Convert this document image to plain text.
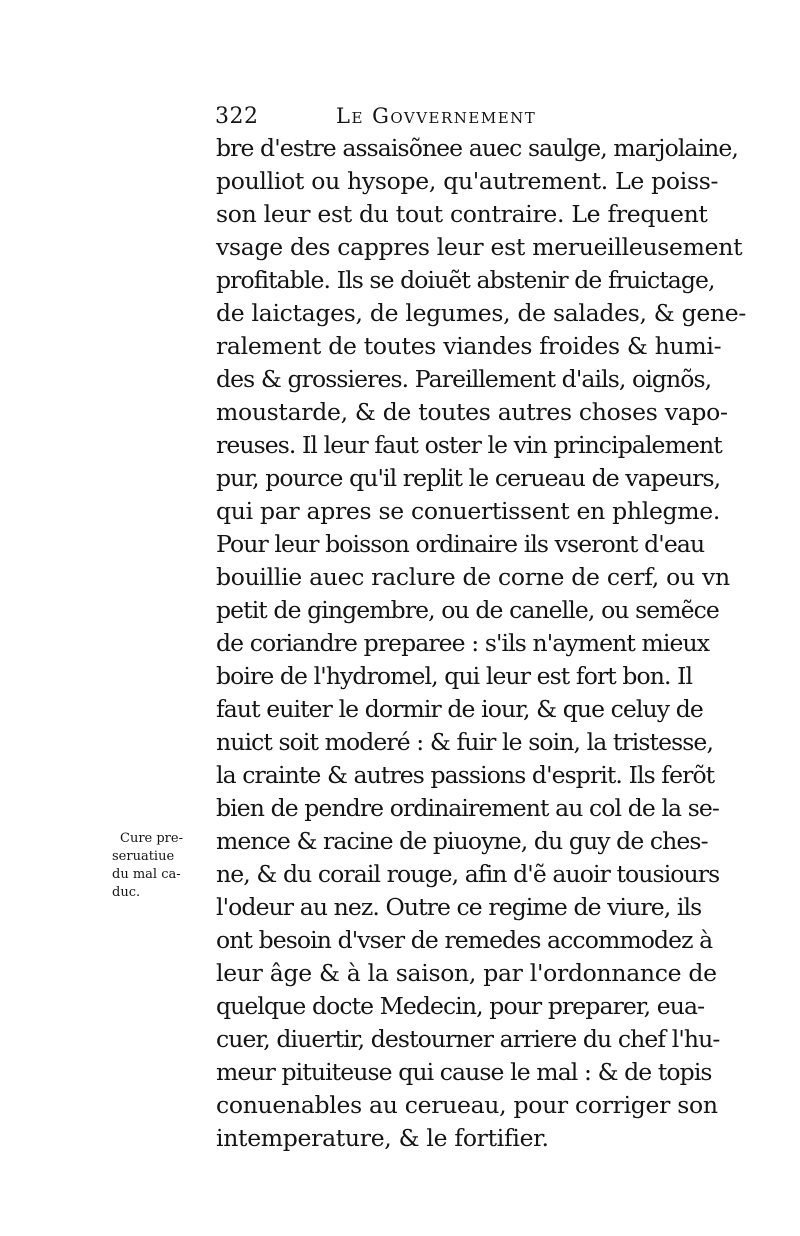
322	Le Govvernement
bre d'estre assaisõnee auec saulge, marjolaine,
poulliot ou hysope, qu'autrement. Le poiss-
son leur est du tout contraire. Le frequent
vsage des cappres leur est merueilleusement
profitable. Ils se doiuẽt abstenir de fruictage,
de laictages, de legumes, de salades, & gene-
ralement de toutes viandes froides & humi-
des & grossieres. Pareillement d'ails, oignõs,
moustarde, & de toutes autres choses vapo-
reuses. Il leur faut oster le vin principalement
pur, pource qu'il replit le cerueau de vapeurs,
qui par apres se conuertissent en phlegme.
Pour leur boisson ordinaire ils vseront d'eau
bouillie auec raclure de corne de cerf, ou vn
petit de gingembre, ou de canelle, ou semẽce
de coriandre preparee : s'ils n'ayment mieux
boire de l'hydromel, qui leur est fort bon. Il
faut euiter le dormir de iour, & que celuy de
nuict soit moderé : & fuir le soin, la tristesse,
la crainte & autres passions d'esprit. Ils ferõt
bien de pendre ordinairement au col de la se-
mence & racine de piuoyne, du guy de ches-
ne, & du corail rouge, afin d'ẽ auoir tousiours
l'odeur au nez. Outre ce regime de viure, ils
ont besoin d'vser de remedes accommodez à
leur âge & à la saison, par l'ordonnance de
quelque docte Medecin, pour preparer, eua-
cuer, diuertir, destourner arriere du chef l'hu-
meur pituiteuse qui cause le mal : & de topis
conuenables au cerueau, pour corriger son
intemperature, & le fortifier.
Cure pre-
seruatiue
du mal ca-
duc.
